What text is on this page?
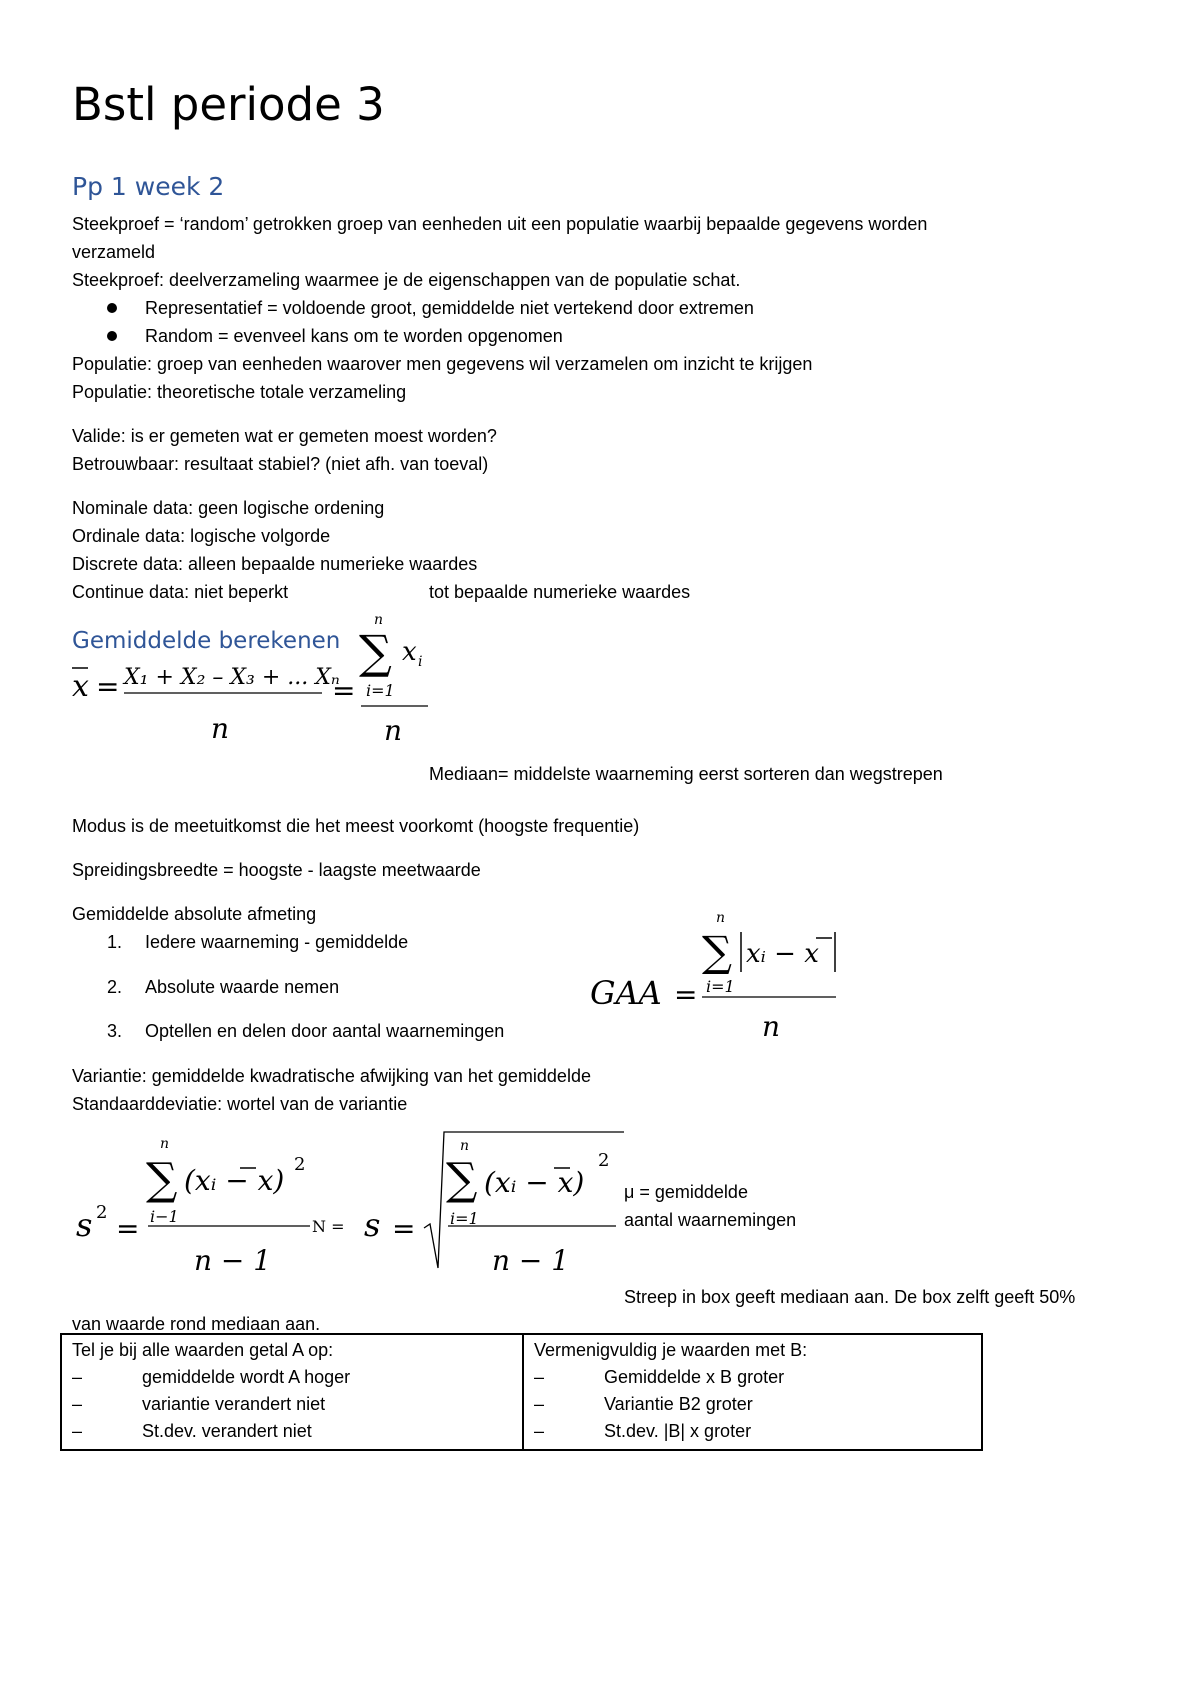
Bstl periode 3
Pp 1 week 2
Steekproef = ‘random’ getrokken groep van eenheden uit een populatie waarbij bepaalde gegevens worden
verzameld
Steekproef: deelverzameling waarmee je de eigenschappen van de populatie schat.
Representatief = voldoende groot, gemiddelde niet vertekend door extremen
Random = evenveel kans om te worden opgenomen
Populatie: groep van eenheden waarover men gegevens wil verzamelen om inzicht te krijgen
Populatie: theoretische totale verzameling
Valide: is er gemeten wat er gemeten moest worden?
Betrouwbaar: resultaat stabiel? (niet afh. van toeval)
Nominale data: geen logische ordening
Ordinale data: logische volgorde
Discrete data: alleen bepaalde numerieke waardes
Continue data: niet beperkt	tot bepaalde numerieke waardes
Gemiddelde berekenen
x = X₁ + X₂ – X₃ + ... Xₙ
n
=
n
∑ x i
i=1
n
Mediaan= middelste waarneming eerst sorteren dan wegstrepen
Modus is de meetuitkomst die het meest voorkomt (hoogste frequentie)
Spreidingsbreedte = hoogste - laagste meetwaarde
Gemiddelde absolute afmeting
1. Iedere waarneming - gemiddelde
2. Absolute waarde nemen
3. Optellen en delen door aantal waarnemingen
GAA =
n
∑ xᵢ − x
i=1
n
Variantie: gemiddelde kwadratische afwijking van het gemiddelde
Standaarddeviatie: wortel van de variantie
s 2 =
n
∑ (xᵢ − x) 2
i−1
n − 1
N = s =
n
∑ (xᵢ − x)
2
i=1
n − 1
μ = gemiddelde
aantal waarnemingen
Streep in box geeft mediaan aan. De box zelft geeft 50%
van waarde rond mediaan aan.
Tel je bij alle waarden getal A op:
–	gemiddelde wordt A hoger
–	variantie verandert niet
–	St.dev. verandert niet

Vermenigvuldig je waarden met B:
–	Gemiddelde x B groter
–	Variantie B2 groter
–	St.dev. |B| x groter
